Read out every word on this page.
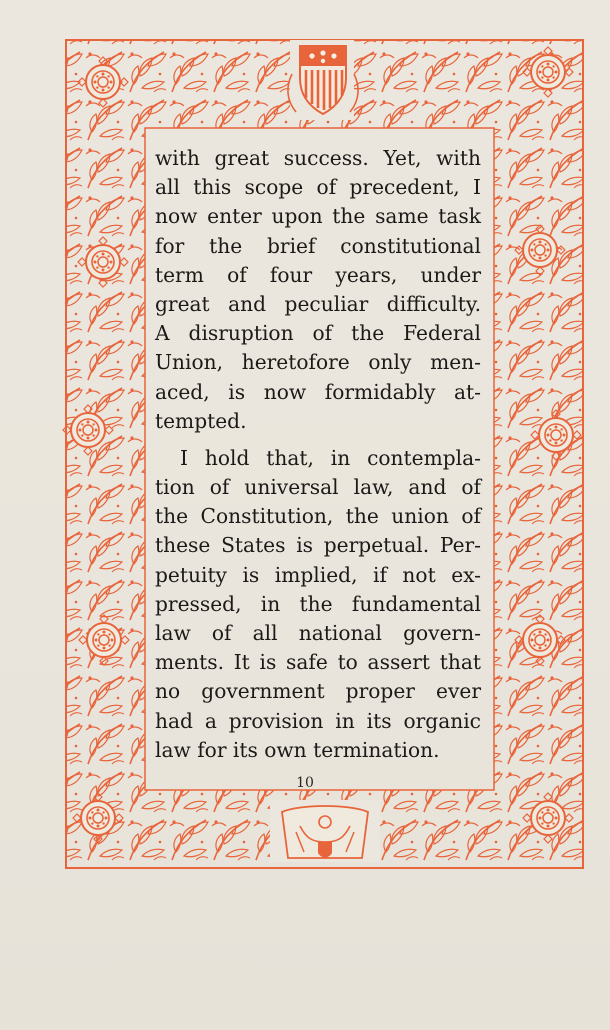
with great success. Yet, with
all this scope of precedent, I
now enter upon the same task
for the brief constitutional
term of four years, under
great and peculiar difficulty.
A disruption of the Federal
Union, heretofore only men-
aced, is now formidably at-
tempted.
I hold that, in contempla-
tion of universal law, and of
the Constitution, the union of
these States is perpetual. Per-
petuity is implied, if not ex-
pressed, in the fundamental
law of all national govern-
ments. It is safe to assert that
no government proper ever
had a provision in its organic
law for its own termination.
10
